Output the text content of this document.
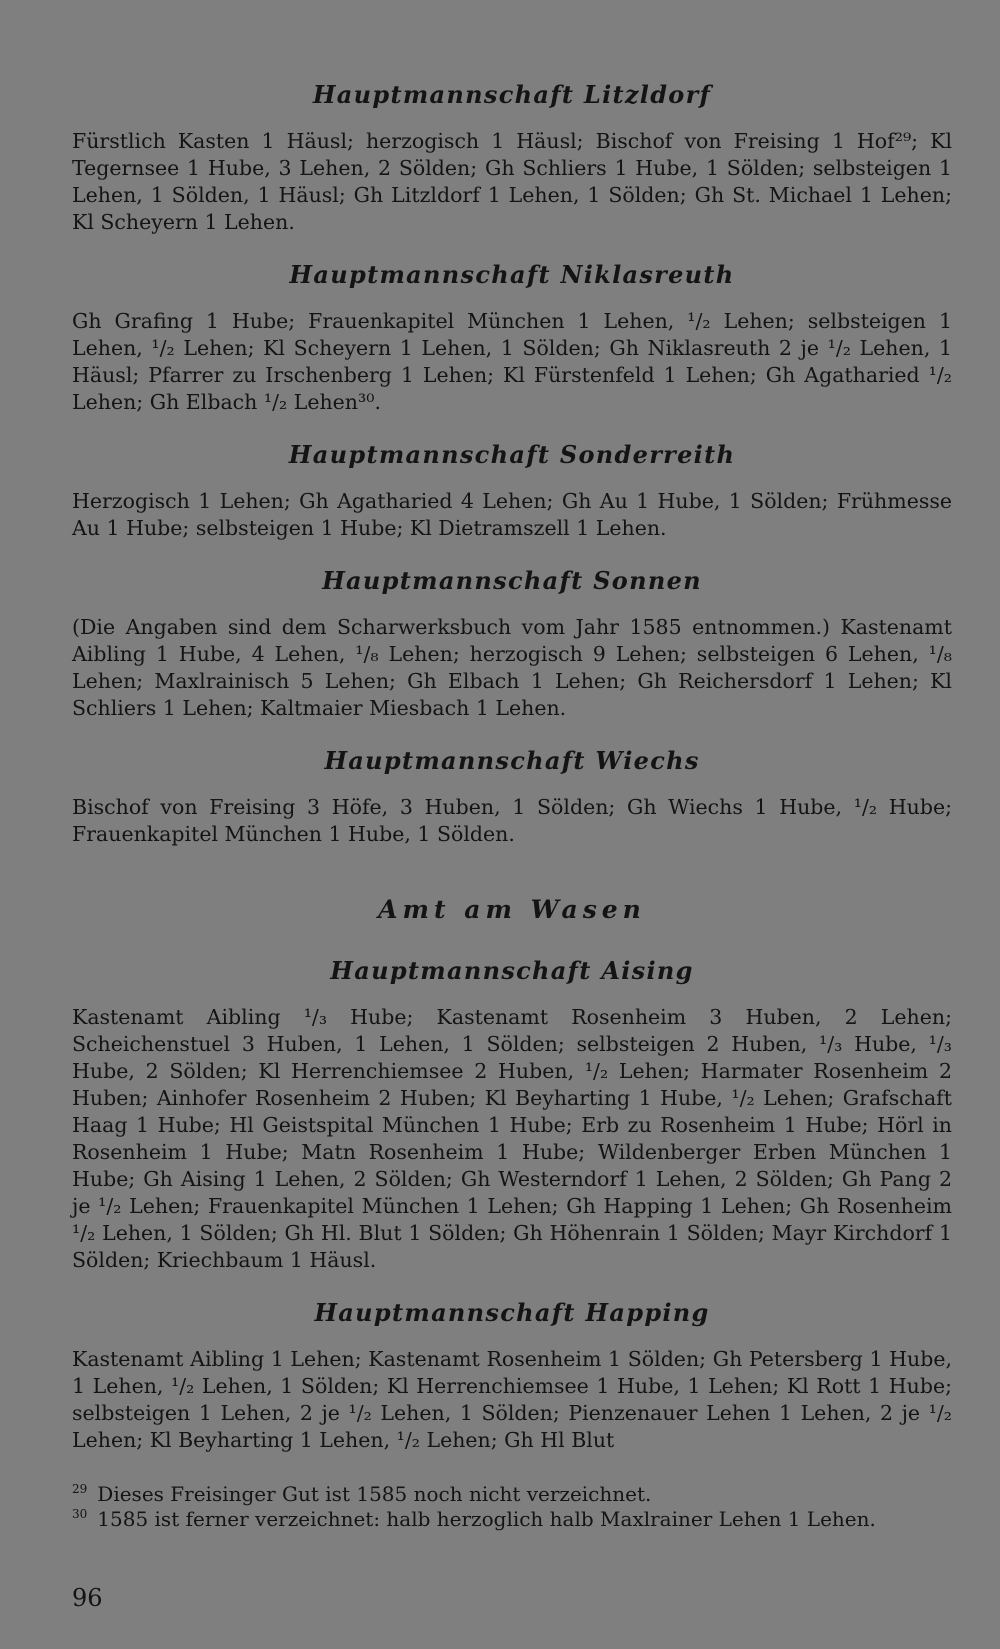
Hauptmannschaft Litzldorf

Fürstlich Kasten 1 Häusl; herzogisch 1 Häusl; Bischof von Freising 1 Hof²⁹; Kl Tegernsee 1 Hube, 3 Lehen, 2 Sölden; Gh Schliers 1 Hube, 1 Sölden; selbsteigen 1 Lehen, 1 Sölden, 1 Häusl; Gh Litzldorf 1 Lehen, 1 Sölden; Gh St. Michael 1 Lehen; Kl Scheyern 1 Lehen.

Hauptmannschaft Niklasreuth

Gh Grafing 1 Hube; Frauenkapitel München 1 Lehen, ¹/₂ Lehen; selbsteigen 1 Lehen, ¹/₂ Lehen; Kl Scheyern 1 Lehen, 1 Sölden; Gh Niklasreuth 2 je ¹/₂ Lehen, 1 Häusl; Pfarrer zu Irschenberg 1 Lehen; Kl Fürstenfeld 1 Lehen; Gh Agatharied ¹/₂ Lehen; Gh Elbach ¹/₂ Lehen³⁰.

Hauptmannschaft Sonderreith

Herzogisch 1 Lehen; Gh Agatharied 4 Lehen; Gh Au 1 Hube, 1 Sölden; Frühmesse Au 1 Hube; selbsteigen 1 Hube; Kl Dietramszell 1 Lehen.

Hauptmannschaft Sonnen

(Die Angaben sind dem Scharwerksbuch vom Jahr 1585 entnommen.) Kastenamt Aibling 1 Hube, 4 Lehen, ¹/₈ Lehen; herzogisch 9 Lehen; selbsteigen 6 Lehen, ¹/₈ Lehen; Maxlrainisch 5 Lehen; Gh Elbach 1 Lehen; Gh Reichersdorf 1 Lehen; Kl Schliers 1 Lehen; Kaltmaier Miesbach 1 Lehen.

Hauptmannschaft Wiechs

Bischof von Freising 3 Höfe, 3 Huben, 1 Sölden; Gh Wiechs 1 Hube, ¹/₂ Hube; Frauenkapitel München 1 Hube, 1 Sölden.

Amt am Wasen
Hauptmannschaft Aising

Kastenamt Aibling ¹/₃ Hube; Kastenamt Rosenheim 3 Huben, 2 Lehen; Scheichenstuel 3 Huben, 1 Lehen, 1 Sölden; selbsteigen 2 Huben, ¹/₃ Hube, ¹/₃ Hube, 2 Sölden; Kl Herrenchiemsee 2 Huben, ¹/₂ Lehen; Harmater Rosenheim 2 Huben; Ainhofer Rosenheim 2 Huben; Kl Beyharting 1 Hube, ¹/₂ Lehen; Grafschaft Haag 1 Hube; Hl Geistspital München 1 Hube; Erb zu Rosenheim 1 Hube; Hörl in Rosenheim 1 Hube; Matn Rosenheim 1 Hube; Wildenberger Erben München 1 Hube; Gh Aising 1 Lehen, 2 Sölden; Gh Westerndorf 1 Lehen, 2 Sölden; Gh Pang 2 je ¹/₂ Lehen; Frauenkapitel München 1 Lehen; Gh Happing 1 Lehen; Gh Rosenheim ¹/₂ Lehen, 1 Sölden; Gh Hl. Blut 1 Sölden; Gh Höhenrain 1 Sölden; Mayr Kirchdorf 1 Sölden; Kriechbaum 1 Häusl.

Hauptmannschaft Happing

Kastenamt Aibling 1 Lehen; Kastenamt Rosenheim 1 Sölden; Gh Petersberg 1 Hube, 1 Lehen, ¹/₂ Lehen, 1 Sölden; Kl Herrenchiemsee 1 Hube, 1 Lehen; Kl Rott 1 Hube; selbsteigen 1 Lehen, 2 je ¹/₂ Lehen, 1 Sölden; Pienzenauer Lehen 1 Lehen, 2 je ¹/₂ Lehen; Kl Beyharting 1 Lehen, ¹/₂ Lehen; Gh Hl Blut

$^{29}$ Dieses Freisinger Gut ist 1585 noch nicht verzeichnet.

$^{30}$ 1585 ist ferner verzeichnet: halb herzoglich halb Maxlrainer Lehen 1 Lehen.

96
